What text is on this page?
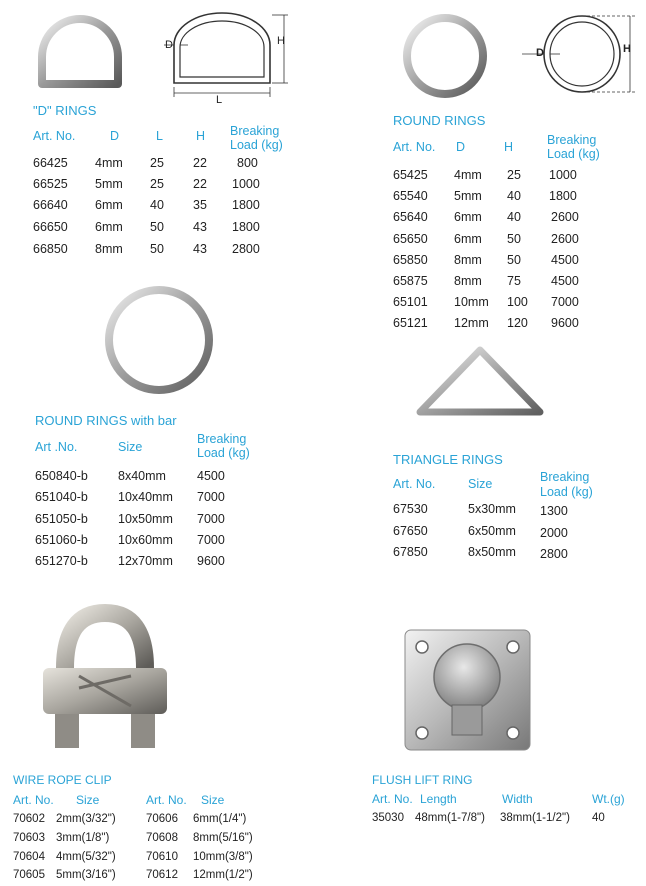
D
L
H
"D" RINGS
Art. No.	D	L	H Breaking
Load (kg)
66425 4mm 25 22 800
66525 5mm 25 22 1000
66640 6mm 40 35 1800
66650 6mm 50 43 1800
66850 8mm 50 43 2800
D	H
ROUND RINGS
Art. No. D	H	Breaking
Load (kg)
65425 4mm 25 1000
65540 5mm 40 1800
65640 6mm 40 2600
65650 6mm 50 2600
65850 8mm 50 4500
65875 8mm 75 4500
65101 10mm 100 7000
65121 12mm 120 9600
ROUND RINGS with bar
Art .No.	Size
Breaking
Load (kg)
650840-b 8x40mm 4500
651040-b 10x40mm 7000
651050-b 10x50mm 7000
651060-b 10x60mm 7000
651270-b 12x70mm 9600
TRIANGLE RINGS
Art. No.	Size	Breaking
Load (kg)
67530	5x30mm 1300
67650	6x50mm 2000
67850	8x50mm 2800
WIRE ROPE CLIP
Art. No. Size	Art. No. Size
70602 2mm(3/32")	70606 6mm(1/4")
70603 3mm(1/8")	70608 8mm(5/16")
70604 4mm(5/32")	70610 10mm(3/8")
70605 5mm(3/16")	70612 12mm(1/2")
FLUSH LIFT RING
Art. No. Length	Width	Wt.(g)
35030 48mm(1-7/8") 38mm(1-1/2") 40
